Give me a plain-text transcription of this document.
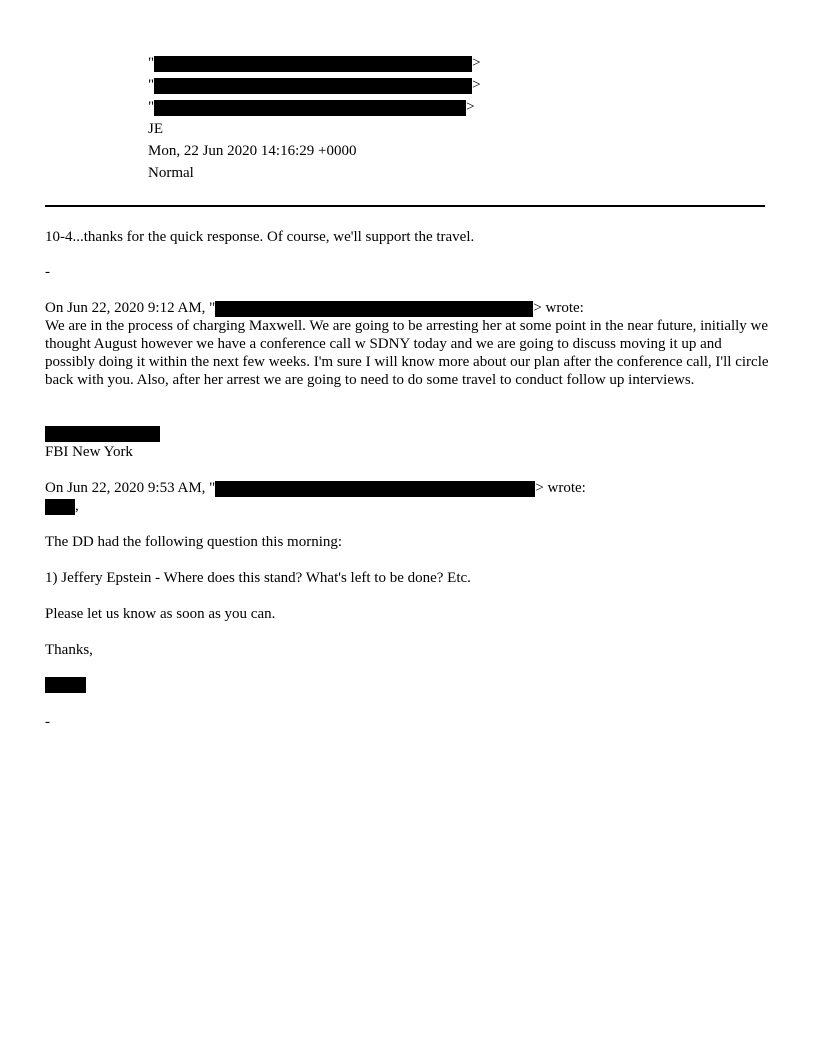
"	>
"	>
"	>
JE
Mon, 22 Jun 2020 14:16:29 +0000
Normal
10-4...thanks for the quick response. Of course, we'll support the travel.
-
On Jun 22, 2020 9:12 AM, "	> wrote:
We are in the process of charging Maxwell. We are going to be arresting her at some point in the near future, initially we thought August however we have a conference call w SDNY today and we are going to discuss moving it up and possibly doing it within the next few weeks. I'm sure I will know more about our plan after the conference call, I'll circle back with you. Also, after her arrest we are going to need to do some travel to conduct follow up interviews.
FBI New York
On Jun 22, 2020 9:53 AM, "	> wrote:
,
The DD had the following question this morning:
1) Jeffery Epstein - Where does this stand? What's left to be done? Etc.
Please let us know as soon as you can.
Thanks,
-
